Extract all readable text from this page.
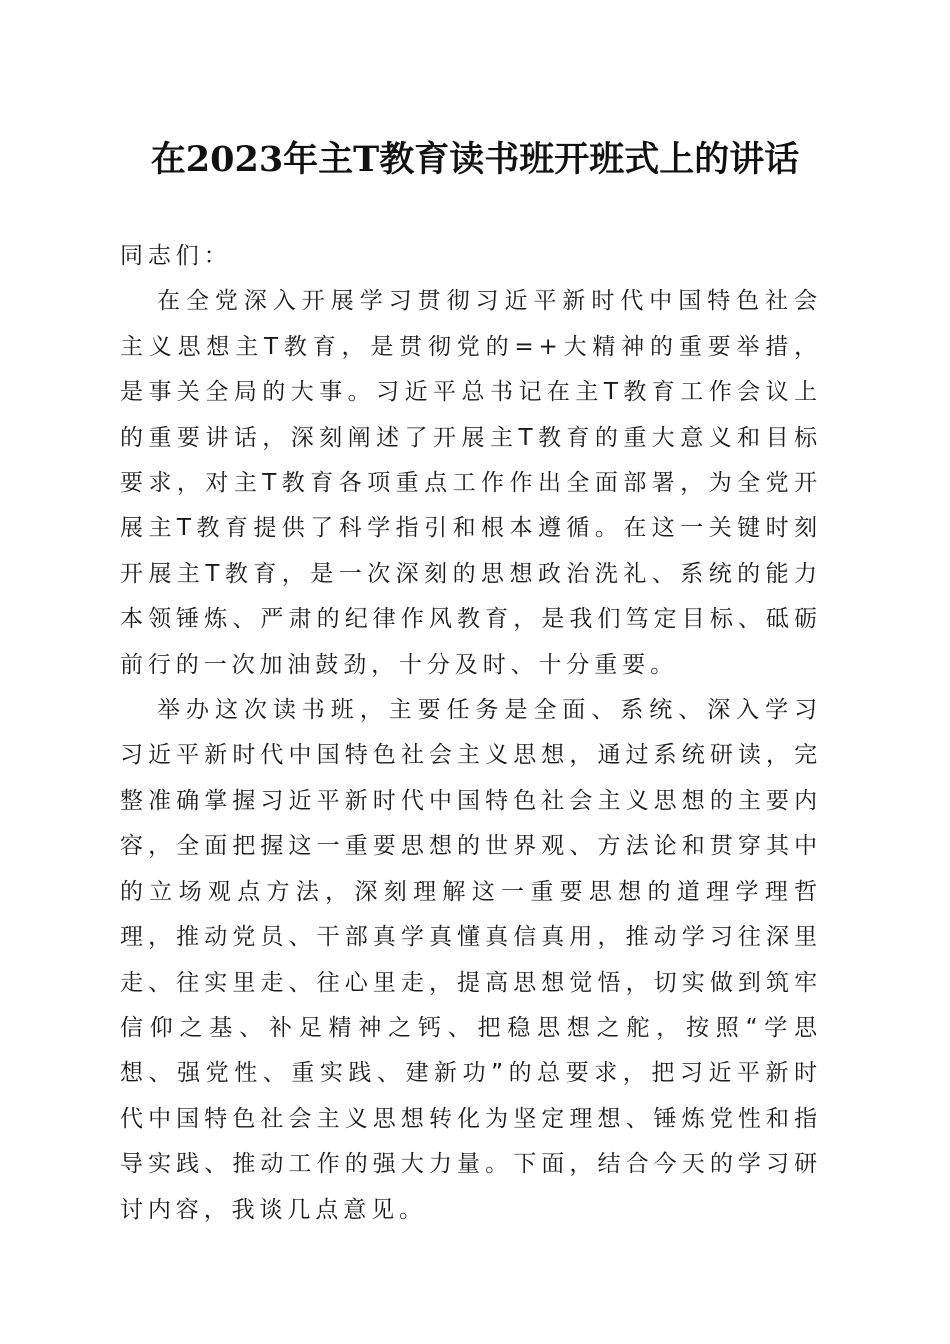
在2023年主T教育读书班开班式上的讲话

同志们：

在全党深入开展学习贯彻习近平新时代中国特色社会主义思想主T教育，是贯彻党的=+大精神的重要举措，是事关全局的大事。习近平总书记在主T教育工作会议上的重要讲话，深刻阐述了开展主T教育的重大意义和目标要求，对主T教育各项重点工作作出全面部署，为全党开展主T教育提供了科学指引和根本遵循。在这一关键时刻开展主T教育，是一次深刻的思想政治洗礼、系统的能力本领锤炼、严肃的纪律作风教育，是我们笃定目标、砥砺前行的一次加油鼓劲，十分及时、十分重要。

举办这次读书班，主要任务是全面、系统、深入学习习近平新时代中国特色社会主义思想，通过系统研读，完整准确掌握习近平新时代中国特色社会主义思想的主要内容，全面把握这一重要思想的世界观、方法论和贯穿其中的立场观点方法，深刻理解这一重要思想的道理学理哲理，推动党员、干部真学真懂真信真用，推动学习往深里走、往实里走、往心里走，提高思想觉悟，切实做到筑牢信仰之基、补足精神之钙、把稳思想之舵，按照“学思想、强党性、重实践、建新功”的总要求，把习近平新时代中国特色社会主义思想转化为坚定理想、锤炼党性和指导实践、推动工作的强大力量。下面，结合今天的学习研讨内容，我谈几点意见。
